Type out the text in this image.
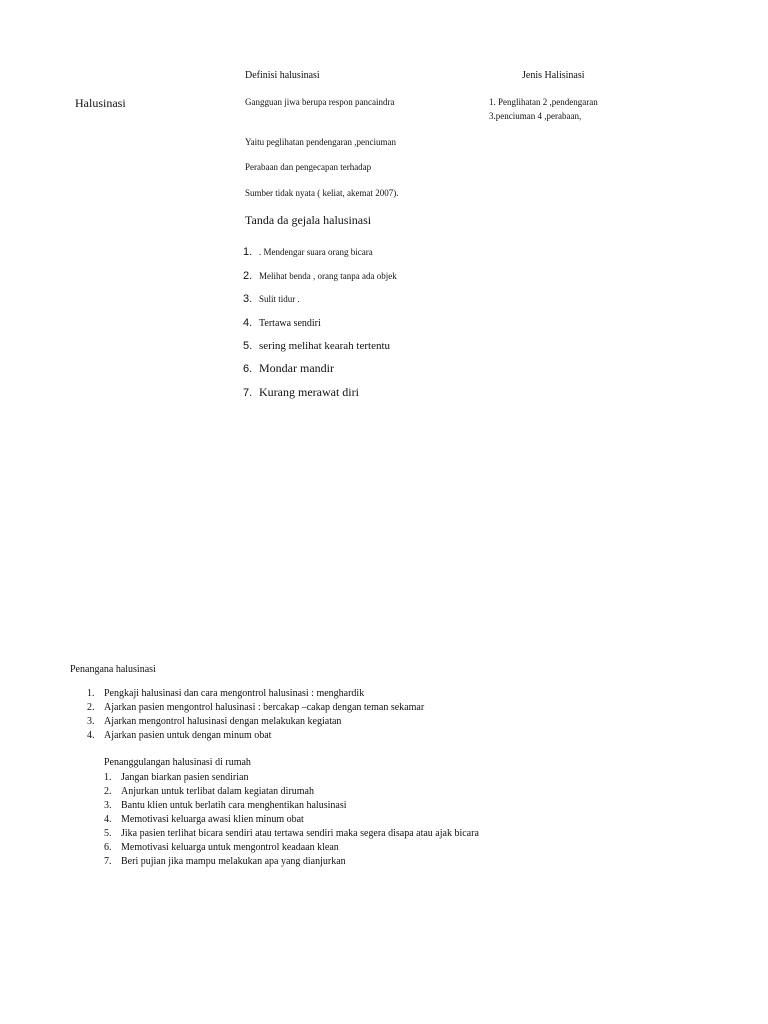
Definisi halusinasi	Jenis Halisinasi
Halusinasi	Gangguan jiwa berupa respon pancaindra
Yaitu peglihatan pendengaran ,penciuman
Perabaan dan pengecapan terhadap
Sumber tidak nyata ( keliat, akemat 2007).
1. Penglihatan 2 ,pendengaran
3.penciuman 4 ,perabaan,
Tanda da gejala halusinasi
1. . Mendengar suara orang bicara
2. Melihat benda , orang tanpa ada objek
3. Sulit tidur .
4. Tertawa sendiri
5. sering melihat kearah tertentu
6. Mondar mandir
7. Kurang merawat diri
Penangana halusinasi
1. Pengkaji halusinasi dan cara mengontrol halusinasi : menghardik
2. Ajarkan pasien mengontrol halusinasi : bercakap –cakap dengan teman sekamar
3. Ajarkan mengontrol halusinasi dengan melakukan kegiatan
4. Ajarkan pasien untuk dengan minum obat
Penanggulangan halusinasi di rumah
1. Jangan biarkan pasien sendirian
2. Anjurkan untuk terlibat dalam kegiatan dirumah
3. Bantu klien untuk berlatih cara menghentikan halusinasi
4. Memotivasi keluarga awasi klien minum obat
5. Jika pasien terlihat bicara sendiri atau tertawa sendiri maka segera disapa atau ajak bicara
6. Memotivasi keluarga untuk mengontrol keadaan klean
7. Beri pujian jika mampu melakukan apa yang dianjurkan
